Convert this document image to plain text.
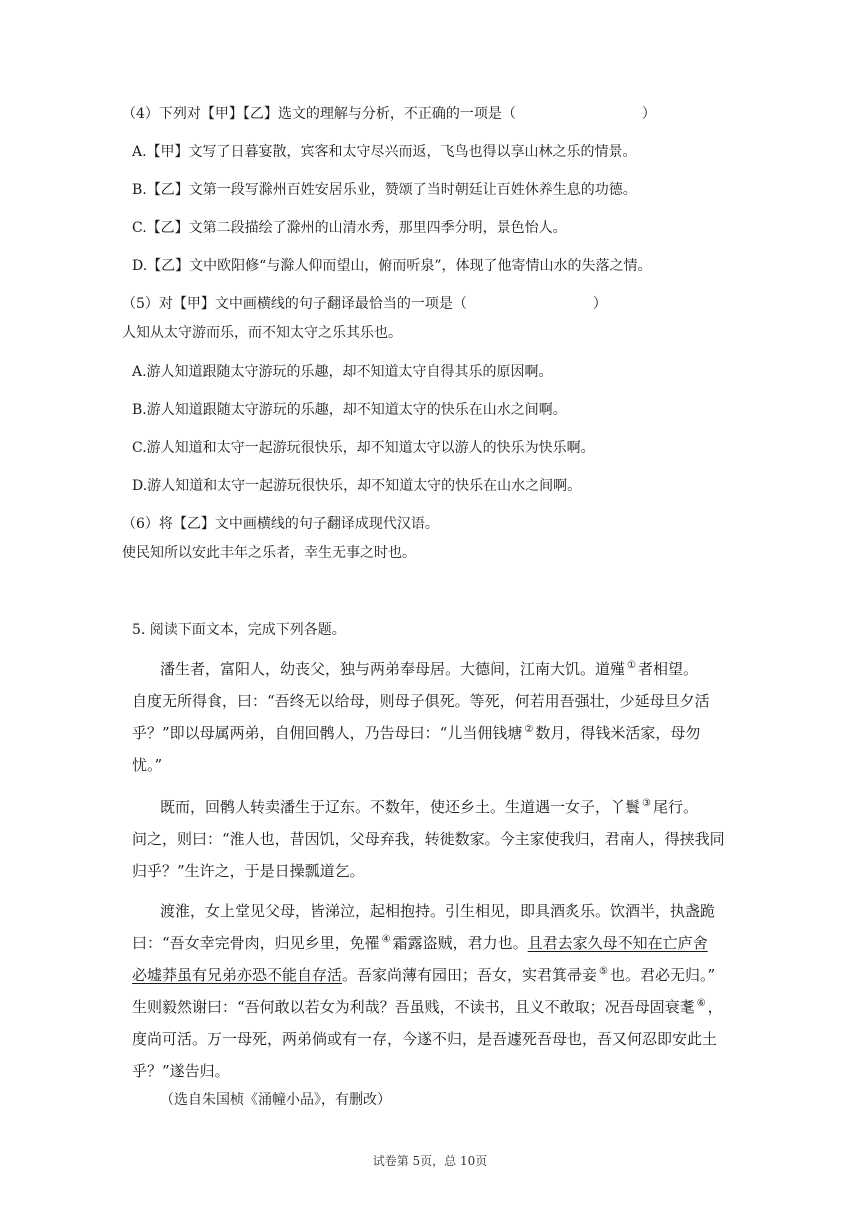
（4）下列对【甲】【乙】选文的理解与分析，不正确的一项是（	）
A.【甲】文写了日暮宴散，宾客和太守尽兴而返，飞鸟也得以享山林之乐的情景。
B.【乙】文第一段写滁州百姓安居乐业，赞颂了当时朝廷让百姓休养生息的功德。
C.【乙】文第二段描绘了滁州的山清水秀，那里四季分明，景色怡人。
D.【乙】文中欧阳修“与滁人仰而望山，俯而听泉”，体现了他寄情山水的失落之情。
（5）对【甲】文中画横线的句子翻译最恰当的一项是（	）
人知从太守游而乐，而不知太守之乐其乐也。
A.游人知道跟随太守游玩的乐趣，却不知道太守自得其乐的原因啊。
B.游人知道跟随太守游玩的乐趣，却不知道太守的快乐在山水之间啊。
C.游人知道和太守一起游玩很快乐，却不知道太守以游人的快乐为快乐啊。
D.游人知道和太守一起游玩很快乐，却不知道太守的快乐在山水之间啊。
（6）将【乙】文中画横线的句子翻译成现代汉语。
使民知所以安此丰年之乐者，幸生无事之时也。
5. 阅读下面文本，完成下列各题。
潘生者，富阳人，幼丧父，独与两弟奉母居。大德间，江南大饥。道殣 ① 者相望。
自度无所得食，曰：“吾终无以给母，则母子俱死。等死，何若用吾强壮，少延母旦夕活
乎？”即以母属两弟，自佣回鹘人，乃告母曰：“儿当佣钱塘 ② 数月，得钱米活家，母勿
忧。”
既而，回鹘人转卖潘生于辽东。不数年，使还乡土。生道遇一女子，丫鬟 ③ 尾行。
问之，则曰：“淮人也，昔因饥，父母弃我，转徙数家。今主家使我归，君南人，得挟我同
归乎？”生许之，于是日操瓢道乞。
渡淮，女上堂见父母，皆涕泣，起相抱持。引生相见，即具酒炙乐。饮酒半，执盏跪
曰：“吾女幸完骨肉，归见乡里，免罹 ④ 霜露盗贼，君力也。且君去家久母不知在亡庐舍
必墟莽虽有兄弟亦恐不能自存活。吾家尚薄有园田；吾女，实君箕帚妾 ⑤ 也。君必无归。”
生则毅然谢曰：“吾何敢以若女为利哉？吾虽贱，不读书，且义不敢取；况吾母固衰耄 ⑥ ，
度尚可活。万一母死，两弟倘或有一存，今遂不归，是吾遽死吾母也，吾又何忍即安此土
乎？”遂告归。
（选自朱国桢《涌幢小品》，有删改）
试卷第 5页，总 10页
